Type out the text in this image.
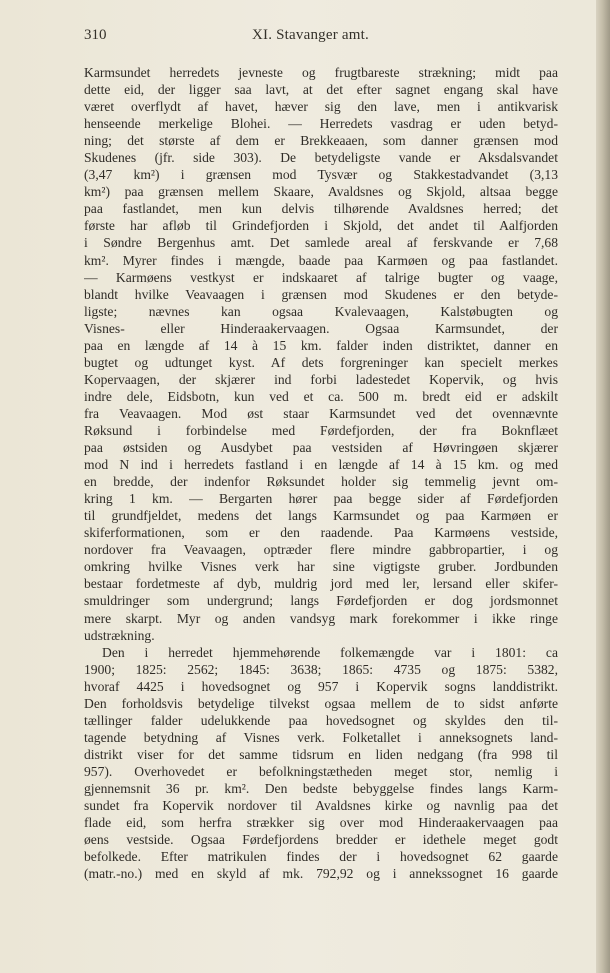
310	XI. Stavanger amt.
Karmsundet herredets jevneste og frugtbareste strækning; midt paa
dette eid, der ligger saa lavt, at det efter sagnet engang skal have
været overflydt af havet, hæver sig den lave, men i antikvarisk
henseende merkelige Blohei. — Herredets vasdrag er uden betyd-
ning; det største af dem er Brekkeaaen, som danner grænsen mod
Skudenes (jfr. side 303). De betydeligste vande er Aksdalsvandet
(3,47 km²) i grænsen mod Tysvær og Stakkestadvandet (3,13
km²) paa grænsen mellem Skaare, Avaldsnes og Skjold, altsaa begge
paa fastlandet, men kun delvis tilhørende Avaldsnes herred; det
første har afløb til Grindefjorden i Skjold, det andet til Aalfjorden
i Søndre Bergenhus amt. Det samlede areal af ferskvande er 7,68
km². Myrer findes i mængde, baade paa Karmøen og paa fastlandet.
— Karmøens vestkyst er indskaaret af talrige bugter og vaage,
blandt hvilke Veavaagen i grænsen mod Skudenes er den betyde-
ligste; nævnes kan ogsaa Kvalevaagen, Kalstøbugten og
Visnes- eller Hinderaakervaagen. Ogsaa Karmsundet, der
paa en længde af 14 à 15 km. falder inden distriktet, danner en
bugtet og udtunget kyst. Af dets forgreninger kan specielt merkes
Kopervaagen, der skjærer ind forbi ladestedet Kopervik, og hvis
indre dele, Eidsbotn, kun ved et ca. 500 m. bredt eid er adskilt
fra Veavaagen. Mod øst staar Karmsundet ved det ovennævnte
Røksund i forbindelse med Førdefjorden, der fra Boknflæet
paa østsiden og Ausdybet paa vestsiden af Høvringøen skjærer
mod N ind i herredets fastland i en længde af 14 à 15 km. og med
en bredde, der indenfor Røksundet holder sig temmelig jevnt om-
kring 1 km. — Bergarten hører paa begge sider af Førdefjorden
til grundfjeldet, medens det langs Karmsundet og paa Karmøen er
skiferformationen, som er den raadende. Paa Karmøens vestside,
nordover fra Veavaagen, optræder flere mindre gabbropartier, i og
omkring hvilke Visnes verk har sine vigtigste gruber. Jordbunden
bestaar fordetmeste af dyb, muldrig jord med ler, lersand eller skifer-
smuldringer som undergrund; langs Førdefjorden er dog jordsmonnet
mere skarpt. Myr og anden vandsyg mark forekommer i ikke ringe
udstrækning.
Den i herredet hjemmehørende folkemængde var i 1801: ca
1900; 1825: 2562; 1845: 3638; 1865: 4735 og 1875: 5382,
hvoraf 4425 i hovedsognet og 957 i Kopervik sogns landdistrikt.
Den forholdsvis betydelige tilvekst ogsaa mellem de to sidst anførte
tællinger falder udelukkende paa hovedsognet og skyldes den til-
tagende betydning af Visnes verk. Folketallet i anneksognets land-
distrikt viser for det samme tidsrum en liden nedgang (fra 998 til
957). Overhovedet er befolkningstætheden meget stor, nemlig i
gjennemsnit 36 pr. km². Den bedste bebyggelse findes langs Karm-
sundet fra Kopervik nordover til Avaldsnes kirke og navnlig paa det
flade eid, som herfra strækker sig over mod Hinderaakervaagen paa
øens vestside. Ogsaa Førdefjordens bredder er idethele meget godt
befolkede. Efter matrikulen findes der i hovedsognet 62 gaarde
(matr.-no.) med en skyld af mk. 792,92 og i annekssognet 16 gaarde
